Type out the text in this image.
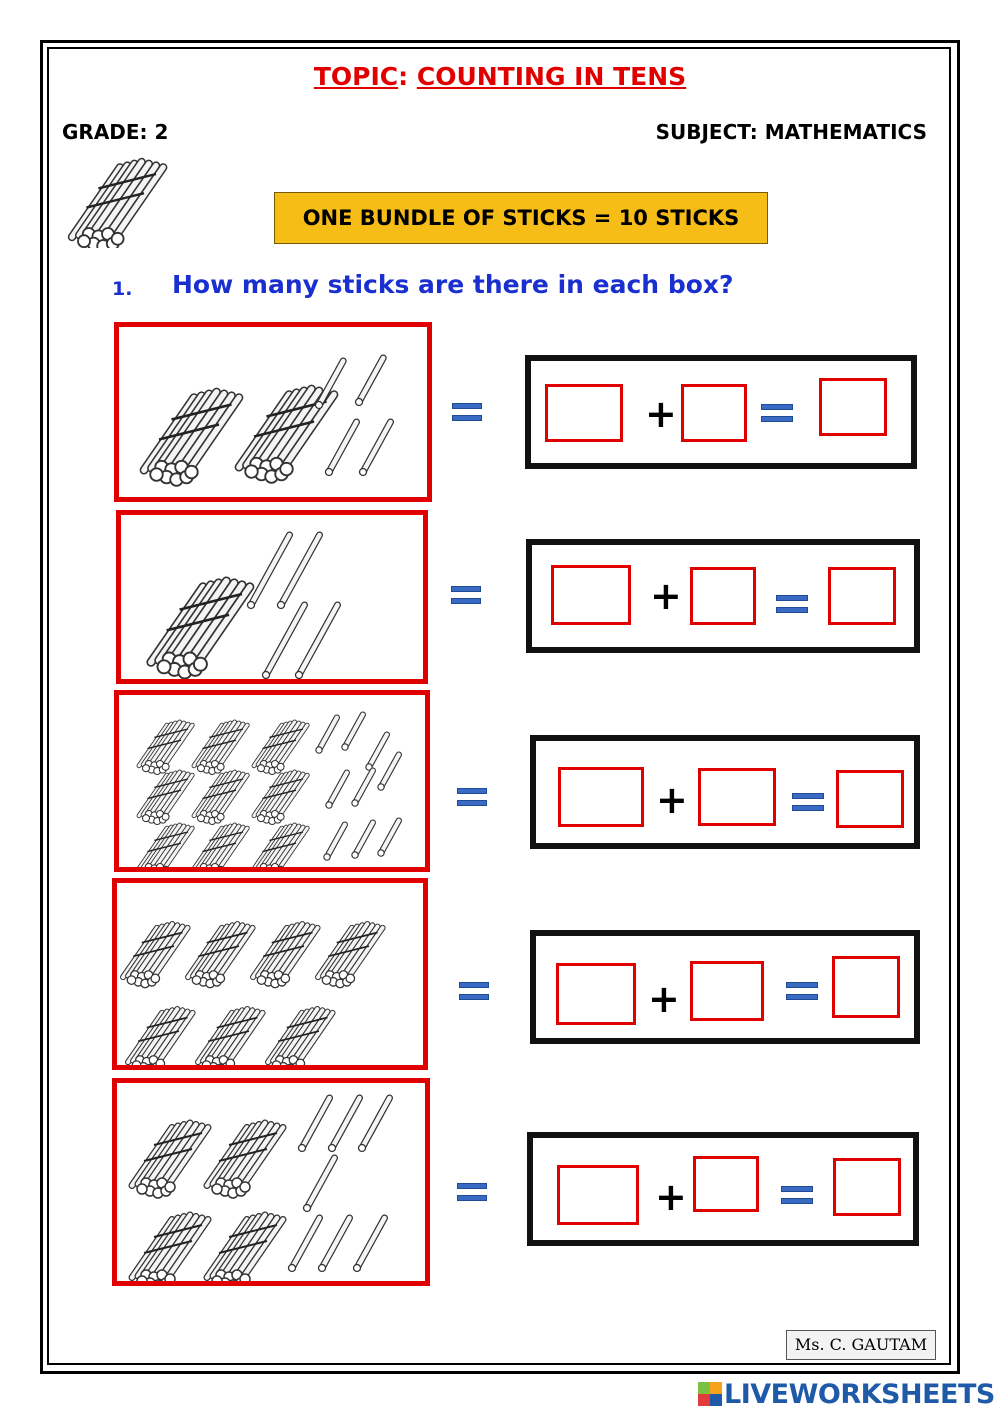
TOPIC: COUNTING IN TENS
GRADE: 2	SUBJECT: MATHEMATICS
ONE BUNDLE OF STICKS = 10 STICKS
1. How many sticks are there in each box?
+
+
+
+
+
Ms. C. GAUTAM
LIVEWORKSHEETS
